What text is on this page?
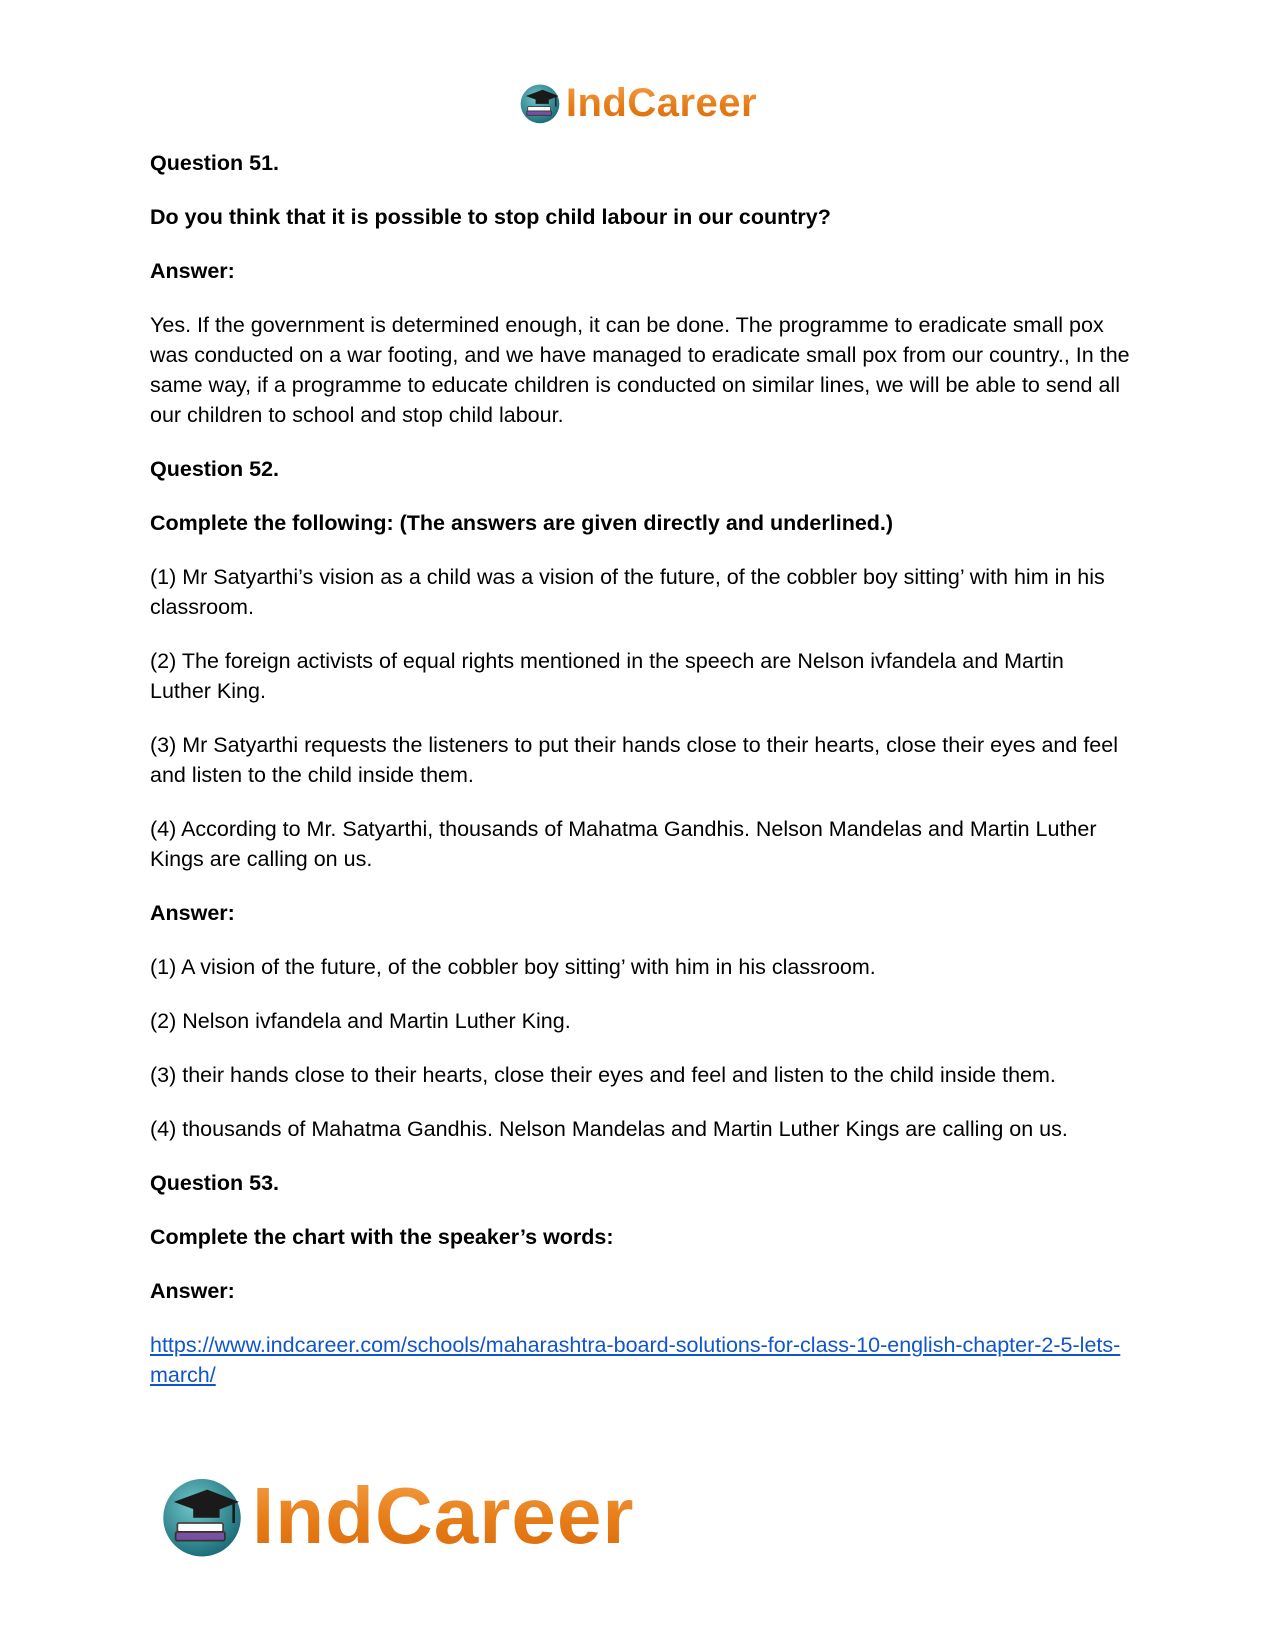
IndCareer

Question 51.

Do you think that it is possible to stop child labour in our country?

Answer:

Yes. If the government is determined enough, it can be done. The programme to eradicate small pox was conducted on a war footing, and we have managed to eradicate small pox from our country., In the same way, if a programme to educate children is conducted on similar lines, we will be able to send all our children to school and stop child labour.

Question 52.

Complete the following: (The answers are given directly and underlined.)

(1) Mr Satyarthi’s vision as a child was a vision of the future, of the cobbler boy sitting’ with him in his classroom.

(2) The foreign activists of equal rights mentioned in the speech are Nelson ivfandela and Martin Luther King.

(3) Mr Satyarthi requests the listeners to put their hands close to their hearts, close their eyes and feel and listen to the child inside them.

(4) According to Mr. Satyarthi, thousands of Mahatma Gandhis. Nelson Mandelas and Martin Luther Kings are calling on us.

Answer:

(1) A vision of the future, of the cobbler boy sitting’ with him in his classroom.

(2) Nelson ivfandela and Martin Luther King.

(3) their hands close to their hearts, close their eyes and feel and listen to the child inside them.

(4) thousands of Mahatma Gandhis. Nelson Mandelas and Martin Luther Kings are calling on us.

Question 53.

Complete the chart with the speaker’s words:

Answer:

https://www.indcareer.com/schools/maharashtra-board-solutions-for-class-10-english-chapter-2-5-lets-march/

IndCareer
